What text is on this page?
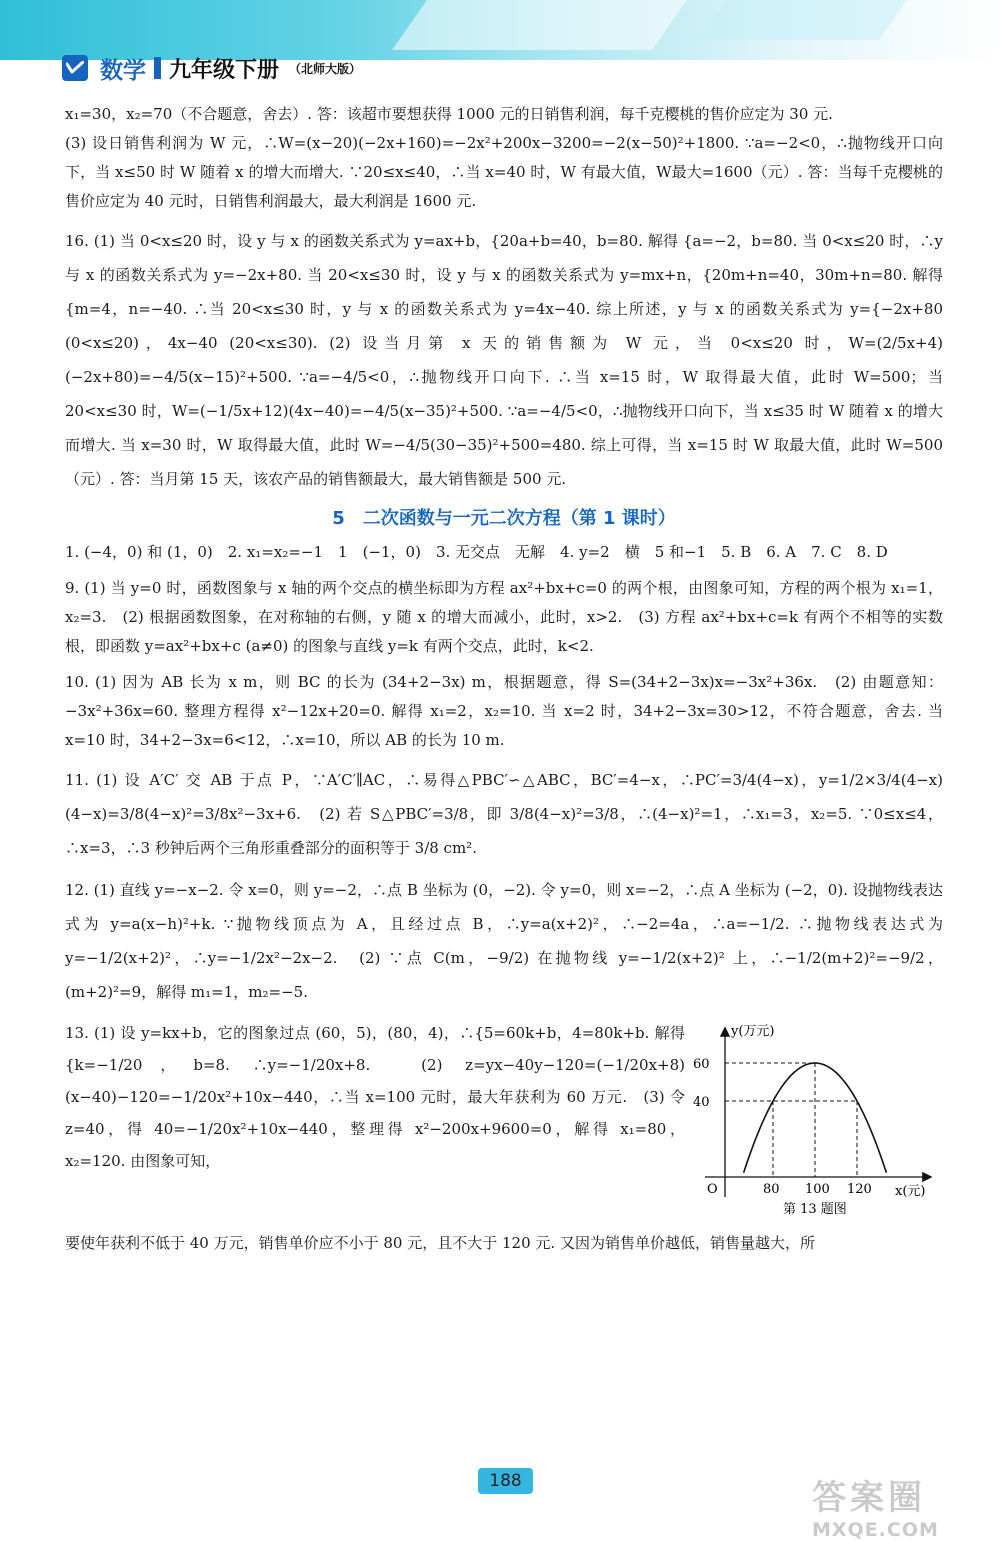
数学 九年级下册 （北师大版）

x₁=30，x₂=70（不合题意，舍去）. 答：该超市要想获得 1000 元的日销售利润，每千克樱桃的售价应定为 30 元.

(3) 设日销售利润为 W 元，∴W=(x−20)(−2x+160)=−2x²+200x−3200=−2(x−50)²+1800. ∵a=−2<0，∴抛物线开口向下，当 x≤50 时 W 随着 x 的增大而增大. ∵20≤x≤40，∴当 x=40 时，W 有最大值，W最大=1600（元）. 答：当每千克樱桃的售价应定为 40 元时，日销售利润最大，最大利润是 1600 元.

16. (1) 当 0<x≤20 时，设 y 与 x 的函数关系式为 y=ax+b，{20a+b=40，b=80. 解得 {a=−2，b=80. 当 0<x≤20 时，∴y 与 x 的函数关系式为 y=−2x+80. 当 20<x≤30 时，设 y 与 x 的函数关系式为 y=mx+n，{20m+n=40，30m+n=80. 解得 {m=4，n=−40. ∴当 20<x≤30 时，y 与 x 的函数关系式为 y=4x−40. 综上所述，y 与 x 的函数关系式为 y={−2x+80 (0<x≤20)，4x−40 (20<x≤30). (2) 设当月第 x 天的销售额为 W 元，当 0<x≤20 时，W=(2/5x+4)(−2x+80)=−4/5(x−15)²+500. ∵a=−4/5<0，∴抛物线开口向下. ∴当 x=15 时，W 取得最大值，此时 W=500；当 20<x≤30 时，W=(−1/5x+12)(4x−40)=−4/5(x−35)²+500. ∵a=−4/5<0，∴抛物线开口向下，当 x≤35 时 W 随着 x 的增大而增大. 当 x=30 时，W 取得最大值，此时 W=−4/5(30−35)²+500=480. 综上可得，当 x=15 时 W 取最大值，此时 W=500（元）. 答：当月第 15 天，该农产品的销售额最大，最大销售额是 500 元.

5　二次函数与一元二次方程（第 1 课时）

1. (−4，0) 和 (1，0)　2. x₁=x₂=−1　1　(−1，0)　3. 无交点　无解　4. y=2　横　5 和−1　5. B　6. A　7. C　8. D

9. (1) 当 y=0 时，函数图象与 x 轴的两个交点的横坐标即为方程 ax²+bx+c=0 的两个根，由图象可知，方程的两个根为 x₁=1，x₂=3.　(2) 根据函数图象，在对称轴的右侧，y 随 x 的增大而减小，此时，x>2.　(3) 方程 ax²+bx+c=k 有两个不相等的实数根，即函数 y=ax²+bx+c (a≠0) 的图象与直线 y=k 有两个交点，此时，k<2.

10. (1) 因为 AB 长为 x m，则 BC 的长为 (34+2−3x) m，根据题意，得 S=(34+2−3x)x=−3x²+36x.　(2) 由题意知：−3x²+36x=60. 整理方程得 x²−12x+20=0. 解得 x₁=2，x₂=10. 当 x=2 时，34+2−3x=30>12，不符合题意，舍去. 当 x=10 时，34+2−3x=6<12，∴x=10，所以 AB 的长为 10 m.

11. (1) 设 A′C′ 交 AB 于点 P，∵A′C′∥AC，∴易得△PBC′∽△ABC，BC′=4−x，∴PC′=3/4(4−x)，y=1/2×3/4(4−x)(4−x)=3/8(4−x)²=3/8x²−3x+6.　(2) 若 S△PBC′=3/8，即 3/8(4−x)²=3/8，∴(4−x)²=1，∴x₁=3，x₂=5. ∵0≤x≤4，∴x=3，∴3 秒钟后两个三角形重叠部分的面积等于 3/8 cm².

12. (1) 直线 y=−x−2. 令 x=0，则 y=−2，∴点 B 坐标为 (0，−2). 令 y=0，则 x=−2，∴点 A 坐标为 (−2，0). 设抛物线表达式为 y=a(x−h)²+k. ∵抛物线顶点为 A，且经过点 B，∴y=a(x+2)²，∴−2=4a，∴a=−1/2. ∴抛物线表达式为 y=−1/2(x+2)²，∴y=−1/2x²−2x−2.　(2) ∵点 C(m，−9/2) 在抛物线 y=−1/2(x+2)² 上，∴−1/2(m+2)²=−9/2，(m+2)²=9，解得 m₁=1，m₂=−5.

13. (1) 设 y=kx+b，它的图象过点 (60，5)，(80，4)，∴{5=60k+b，4=80k+b. 解得 {k=−1/20，b=8. ∴y=−1/20x+8.　(2) z=yx−40y−120=(−1/20x+8)(x−40)−120=−1/20x²+10x−440，∴当 x=100 元时，最大年获利为 60 万元.　(3) 令 z=40，得 40=−1/20x²+10x−440，整理得 x²−200x+9600=0，解得 x₁=80，x₂=120. 由图象可知，

y(万元)
x(元)
O
40
60
80 100 120
第 13 题图

要使年获利不低于 40 万元，销售单价应不小于 80 元，且不大于 120 元. 又因为销售单价越低，销售量越大，所

188	答案圈
MXQE.COM
